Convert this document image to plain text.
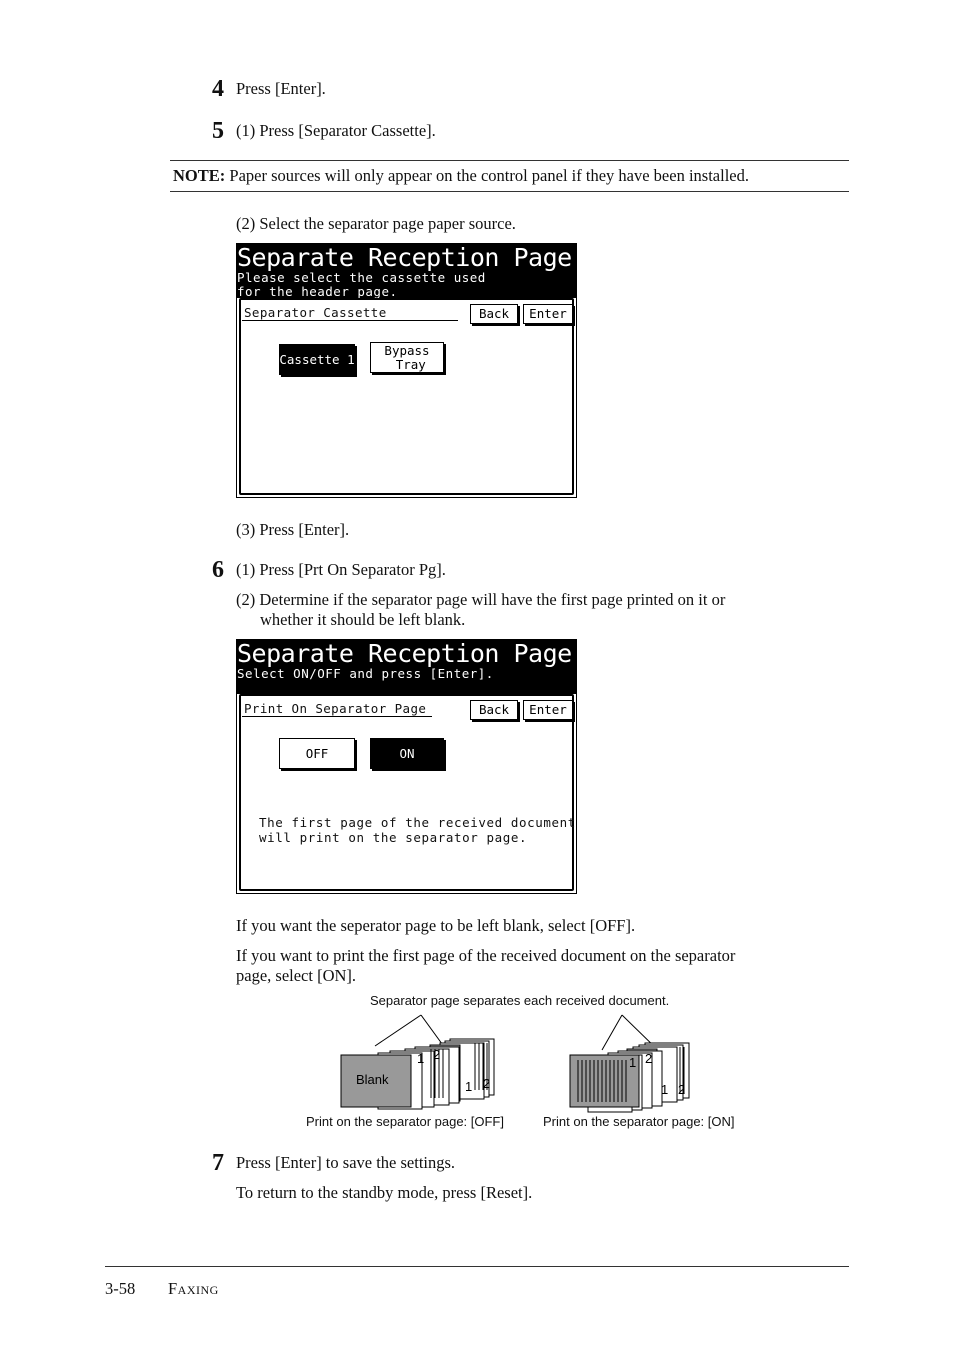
4 Press [Enter].
5 (1) Press [Separator Cassette].
NOTE: Paper sources will only appear on the control panel if they have been installed.
(2) Select the separator page paper source.
Separate Reception Page
Please select the cassette used
for the header page.
Separator Cassette	Back	Enter
Cassette 1
Bypass
Tray
(3) Press [Enter].
6 (1) Press [Prt On Separator Pg].
(2) Determine if the separator page will have the first page printed on it or
whether it should be left blank.
Separate Reception Page
Select ON/OFF and press [Enter].
Print On Separator Page	Back	Enter
OFF	ON
The first page of the received document
will print on the separator page.
If you want the seperator page to be left blank, select [OFF].
If you want to print the first page of the received document on the separator
page, select [ON].
Separator page separates each received document.
Blank
1 2
1 2
1 2
1 2
Print on the separator page: [OFF]	Print on the separator page: [ON]
7 Press [Enter] to save the settings.
To return to the standby mode, press [Reset].
3-58 Faxing
